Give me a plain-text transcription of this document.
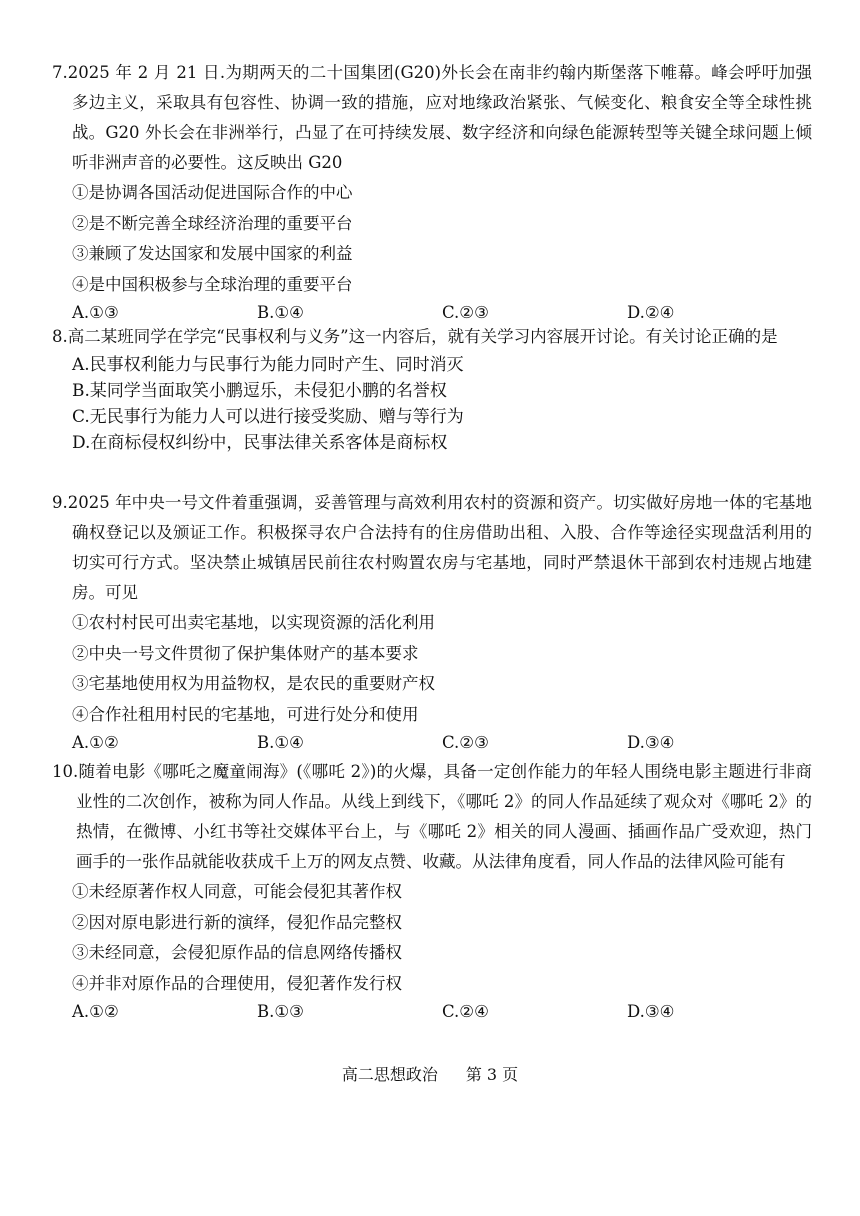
7.2025 年 2 月 21 日.为期两天的二十国集团(G20)外长会在南非约翰内斯堡落下帷幕。峰会呼吁加强多边主义，采取具有包容性、协调一致的措施，应对地缘政治紧张、气候变化、粮食安全等全球性挑战。G20 外长会在非洲举行，凸显了在可持续发展、数字经济和向绿色能源转型等关键全球问题上倾听非洲声音的必要性。这反映出 G20

①是协调各国活动促进国际合作的中心

②是不断完善全球经济治理的重要平台

③兼顾了发达国家和发展中国家的利益

④是中国积极参与全球治理的重要平台

A.①③	B.①④	C.②③	D.②④

8.高二某班同学在学完“民事权利与义务”这一内容后，就有关学习内容展开讨论。有关讨论正确的是

A.民事权利能力与民事行为能力同时产生、同时消灭

B.某同学当面取笑小鹏逗乐，未侵犯小鹏的名誉权

C.无民事行为能力人可以进行接受奖励、赠与等行为

D.在商标侵权纠纷中，民事法律关系客体是商标权

9.2025 年中央一号文件着重强调，妥善管理与高效利用农村的资源和资产。切实做好房地一体的宅基地确权登记以及颁证工作。积极探寻农户合法持有的住房借助出租、入股、合作等途径实现盘活利用的切实可行方式。坚决禁止城镇居民前往农村购置农房与宅基地，同时严禁退休干部到农村违规占地建房。可见

①农村村民可出卖宅基地，以实现资源的活化利用

②中央一号文件贯彻了保护集体财产的基本要求

③宅基地使用权为用益物权，是农民的重要财产权

④合作社租用村民的宅基地，可进行处分和使用

A.①②	B.①④	C.②③	D.③④

10.随着电影《哪吒之魔童闹海》(《哪吒 2》)的火爆，具备一定创作能力的年轻人围绕电影主题进行非商业性的二次创作，被称为同人作品。从线上到线下，《哪吒 2》的同人作品延续了观众对《哪吒 2》的热情，在微博、小红书等社交媒体平台上，与《哪吒 2》相关的同人漫画、插画作品广受欢迎，热门画手的一张作品就能收获成千上万的网友点赞、收藏。从法律角度看，同人作品的法律风险可能有

①未经原著作权人同意，可能会侵犯其著作权

②因对原电影进行新的演绎，侵犯作品完整权

③未经同意，会侵犯原作品的信息网络传播权

④并非对原作品的合理使用，侵犯著作发行权

A.①②	B.①③	C.②④	D.③④
高二思想政治 第 3 页
